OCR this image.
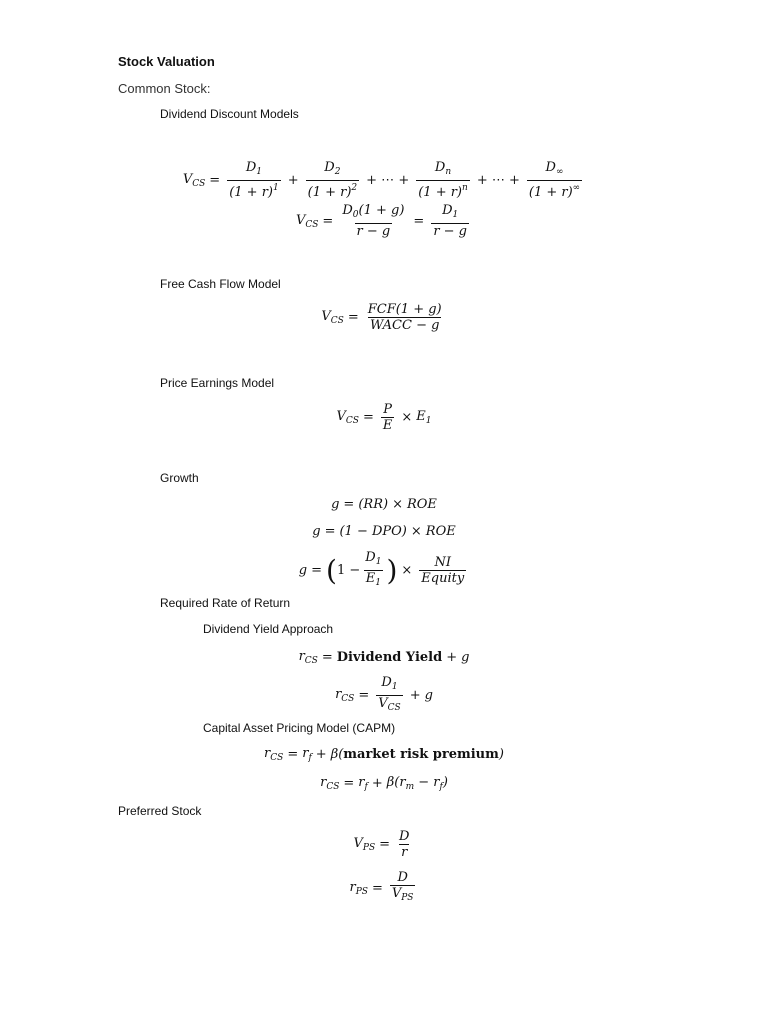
Stock Valuation
Common Stock:
Dividend Discount Models
$V_{CS} = \frac{D_1}{(1 + r)^1} + \frac{D_2}{(1 + r)^2}$ + ⋯ + $\frac{D_n}{(1 + r)^n}$ + ⋯ + $\frac{D_\infty}{(1 + r)^\infty}$
$V_{CS} = \frac{D_0(1 + g)}{r - g} = \frac{D_1}{r - g}$
Free Cash Flow Model
$V_{CS} = \frac{\text{FCF(1 + g)}}{\text{WACC − g}}$
Price Earnings Model
$V_{CS} = \frac{P}{E} \times E_1$
Growth
g = (RR) × ROE
g = (1 − DPO) × ROE
g = ( $1 - \frac{D_1}{E_1}$ ) × $\frac{NI}{\text{Equity}}$
Required Rate of Return
Dividend Yield Approach
$r_{CS}$ = Dividend Yield + g
$r_{CS} = \frac{D_1}{V_{CS}} + g$
Capital Asset Pricing Model (CAPM)
$r_{CS} = r_f + \beta$( market risk premium )
$r_{CS} = r_f + \beta(r_m - r_f)$
Preferred Stock
$V_{PS} = \frac{D}{r}$
$r_{PS} = \frac{D}{V_{PS}}$
